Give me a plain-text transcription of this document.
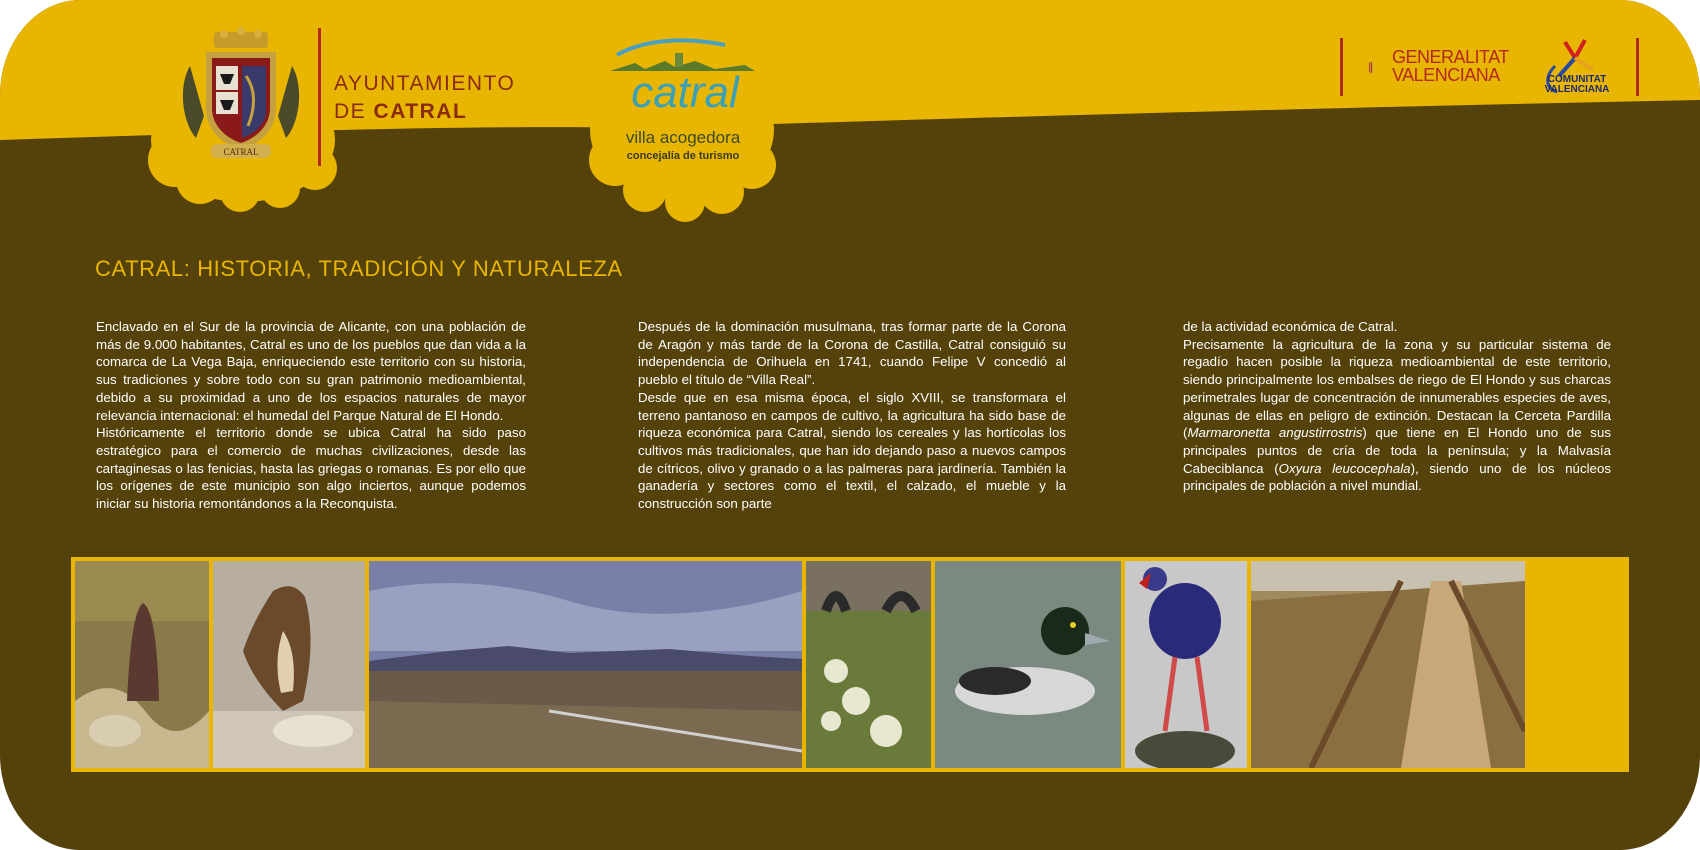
CATRAL
AYUNTAMIENTO
DE CATRAL	catral
villa acogedora
concejalía de turismo
GENERALITAT
VALENCIANA	COMUNITAT
VALENCIANA
CATRAL: HISTORIA, TRADICIÓN Y NATURALEZA

Enclavado en el Sur de la provincia de Alicante, con una población de más de 9.000 habitantes, Catral es uno de los pueblos que dan vida a la comarca de La Vega Baja, enriqueciendo este territorio con su historia, sus tradiciones y sobre todo con su gran patrimonio medioambiental, debido a su proximidad a uno de los espacios naturales de mayor relevancia internacional: el humedal del Parque Natural de El Hondo.

Históricamente el territorio donde se ubica Catral ha sido paso estratégico para el comercio de muchas civilizaciones, desde las cartaginesas o las fenicias, hasta las griegas o romanas. Es por ello que los orígenes de este municipio son algo inciertos, aunque podemos iniciar su historia remontándonos a la Reconquista.

Después de la dominación musulmana, tras formar parte de la Corona de Aragón y más tarde de la Corona de Castilla, Catral consiguió su independencia de Orihuela en 1741, cuando Felipe V concedió al pueblo el título de “Villa Real”.

Desde que en esa misma época, el siglo XVIII, se transformara el terreno pantanoso en campos de cultivo, la agricultura ha sido base de riqueza económica para Catral, siendo los cereales y las hortícolas los cultivos más tradicionales, que han ido dejando paso a nuevos campos de cítricos, olivo y granado o a las palmeras para jardinería. También la ganadería y sectores como el textil, el calzado, el mueble y la construcción son parte

de la actividad económica de Catral.

Precisamente la agricultura de la zona y su particular sistema de regadío hacen posible la riqueza medioambiental de este territorio, siendo principalmente los embalses de riego de El Hondo y sus charcas perimetrales lugar de concentración de innumerables especies de aves, algunas de ellas en peligro de extinción. Destacan la Cerceta Pardilla (Marmaronetta angustirrostris) que tiene en El Hondo uno de sus principales puntos de cría de toda la península; y la Malvasía Cabeciblanca (Oxyura leucocephala), siendo uno de los núcleos principales de población a nivel mundial.
